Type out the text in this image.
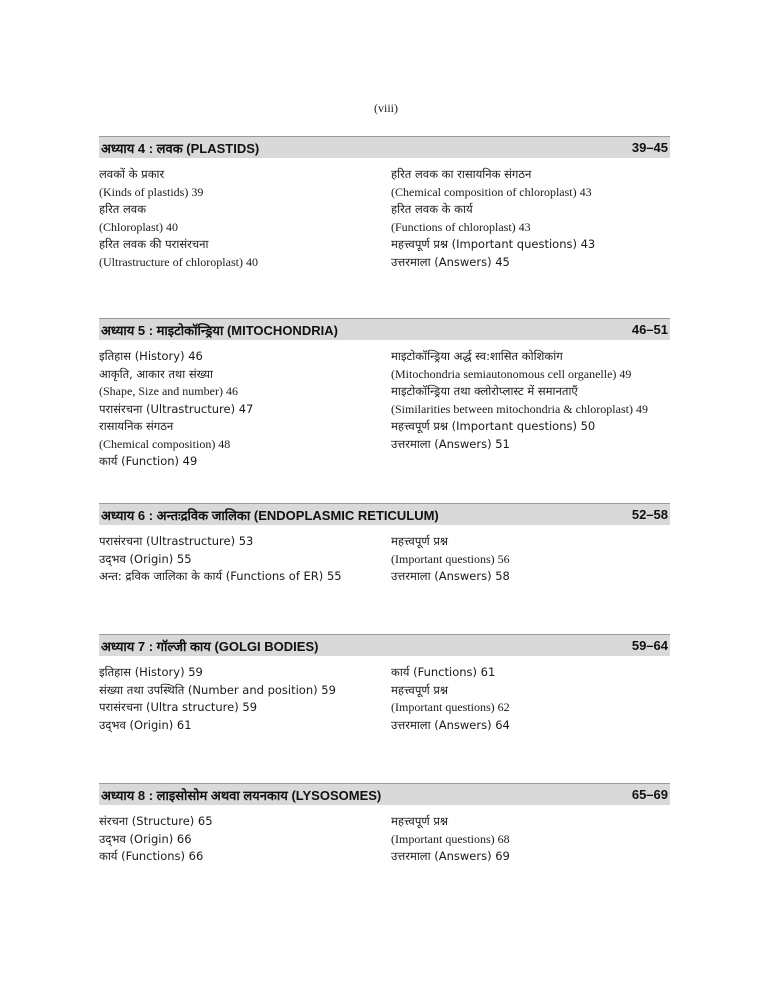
(viii)
अध्याय 4 : लवक (PLASTIDS)	39–45
लवकों के प्रकार
(Kinds of plastids) 39
हरित लवक
(Chloroplast) 40
हरित लवक की परासंरचना
(Ultrastructure of chloroplast) 40
हरित लवक का रासायनिक संगठन
(Chemical composition of chloroplast) 43
हरित लवक के कार्य
(Functions of chloroplast) 43
महत्त्वपूर्ण प्रश्न (Important questions) 43
उत्तरमाला (Answers) 45
अध्याय 5 : माइटोकॉन्ड्रिया (MITOCHONDRIA)	46–51
इतिहास (History) 46
आकृति, आकार तथा संख्या
(Shape, Size and number) 46
परासंरचना (Ultrastructure) 47
रासायनिक संगठन
(Chemical composition) 48
कार्य (Function) 49
माइटोकॉन्ड्रिया अर्द्ध स्व:शासित कोशिकांग
(Mitochondria semiautonomous cell organelle) 49
माइटोकॉन्ड्रिया तथा क्लोरोप्लास्ट में समानताएँ
(Similarities between mitochondria & chloroplast) 49
महत्त्वपूर्ण प्रश्न (Important questions) 50
उत्तरमाला (Answers) 51
अध्याय 6 : अन्तःद्रविक जालिका (ENDOPLASMIC RETICULUM)	52–58
परासंरचना (Ultrastructure) 53
उद्‌भव (Origin) 55
अन्त: द्रविक जालिका के कार्य (Functions of ER) 55
महत्त्वपूर्ण प्रश्न
(Important questions) 56
उत्तरमाला (Answers) 58
अध्याय 7 : गॉल्जी काय (GOLGI BODIES)	59–64
इतिहास (History) 59
संख्या तथा उपस्थिति (Number and position) 59
परासंरचना (Ultra structure) 59
उद्‌भव (Origin) 61
कार्य (Functions) 61
महत्त्वपूर्ण प्रश्न
(Important questions) 62
उत्तरमाला (Answers) 64
अध्याय 8 : लाइसोसोम अथवा लयनकाय (LYSOSOMES)	65–69
संरचना (Structure) 65
उद्‌भव (Origin) 66
कार्य (Functions) 66
महत्त्वपूर्ण प्रश्न
(Important questions) 68
उत्तरमाला (Answers) 69
